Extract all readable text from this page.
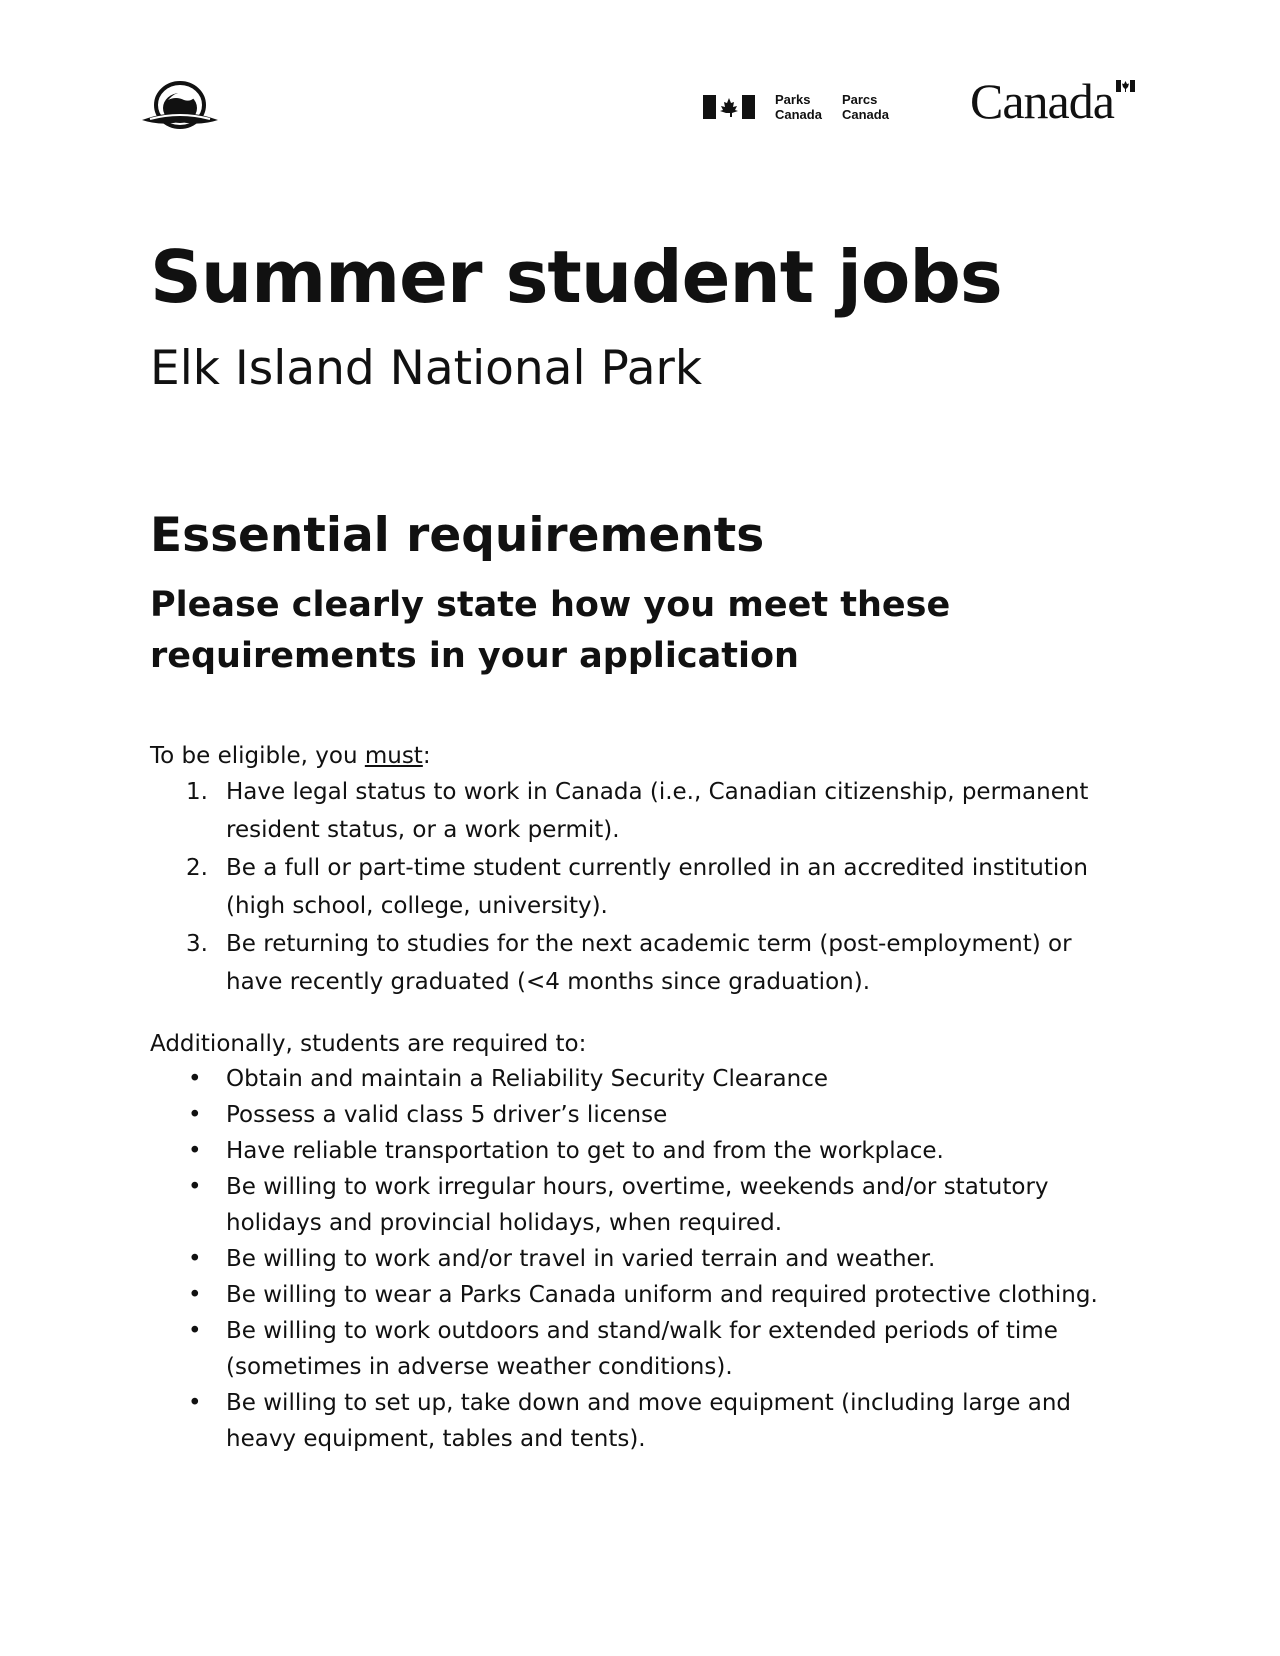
Parks
Canada
Parcs
Canada Canada
Summer student jobs
Elk Island National Park
Essential requirements
Please clearly state how you meet these requirements in your application
To be eligible, you must:
1. Have legal status to work in Canada (i.e., Canadian citizenship, permanent resident status, or a work permit).
2. Be a full or part-time student currently enrolled in an accredited institution (high school, college, university).
3. Be returning to studies for the next academic term (post-employment) or have recently graduated (<4 months since graduation).
Additionally, students are required to:
• Obtain and maintain a Reliability Security Clearance
• Possess a valid class 5 driver’s license
• Have reliable transportation to get to and from the workplace.
• Be willing to work irregular hours, overtime, weekends and/or statutory holidays and provincial holidays, when required.
• Be willing to work and/or travel in varied terrain and weather.
• Be willing to wear a Parks Canada uniform and required protective clothing.
• Be willing to work outdoors and stand/walk for extended periods of time (sometimes in adverse weather conditions).
• Be willing to set up, take down and move equipment (including large and heavy equipment, tables and tents).
